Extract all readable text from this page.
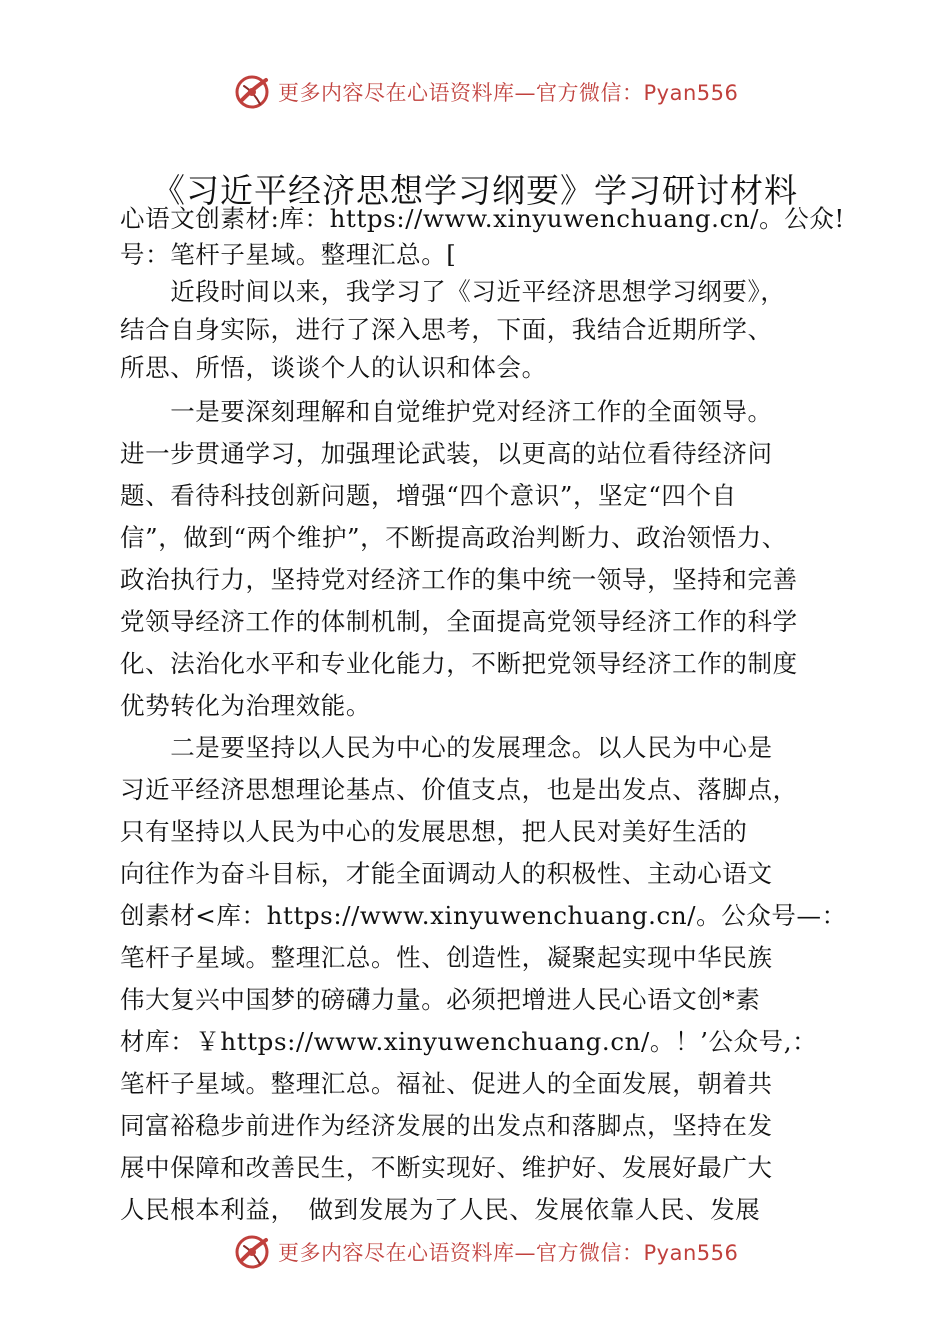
更多内容尽在心语资料库—官方微信：Pyan556
《习近平经济思想学习纲要》学习研讨材料
心语文创素材:库：https://www.xinyuwenchuang.cn/。公众!
号：笔杆子星域。整理汇总。[
　　近段时间以来，我学习了《习近平经济思想学习纲要》，
结合自身实际，进行了深入思考，下面，我结合近期所学、
所思、所悟，谈谈个人的认识和体会。
　　一是要深刻理解和自觉维护党对经济工作的全面领导。
进一步贯通学习，加强理论武装，以更高的站位看待经济问
题、看待科技创新问题，增强“四个意识”，坚定“四个自
信”，做到“两个维护”，不断提高政治判断力、政治领悟力、
政治执行力，坚持党对经济工作的集中统一领导，坚持和完善
党领导经济工作的体制机制，全面提高党领导经济工作的科学
化、法治化水平和专业化能力，不断把党领导经济工作的制度
优势转化为治理效能。
　　二是要坚持以人民为中心的发展理念。以人民为中心是
习近平经济思想理论基点、价值支点，也是出发点、落脚点，
只有坚持以人民为中心的发展思想，把人民对美好生活的
向往作为奋斗目标，才能全面调动人的积极性、主动心语文
创素材<库：https://www.xinyuwenchuang.cn/。公众号—：
笔杆子星域。整理汇总。性、创造性，凝聚起实现中华民族
伟大复兴中国梦的磅礴力量。必须把增进人民心语文创*素
材库：￥https://www.xinyuwenchuang.cn/。！’公众号,：
笔杆子星域。整理汇总。福祉、促进人的全面发展，朝着共
同富裕稳步前进作为经济发展的出发点和落脚点，坚持在发
展中保障和改善民生，不断实现好、维护好、发展好最广大
人民根本利益，　做到发展为了人民、发展依靠人民、发展
更多内容尽在心语资料库—官方微信：Pyan556
